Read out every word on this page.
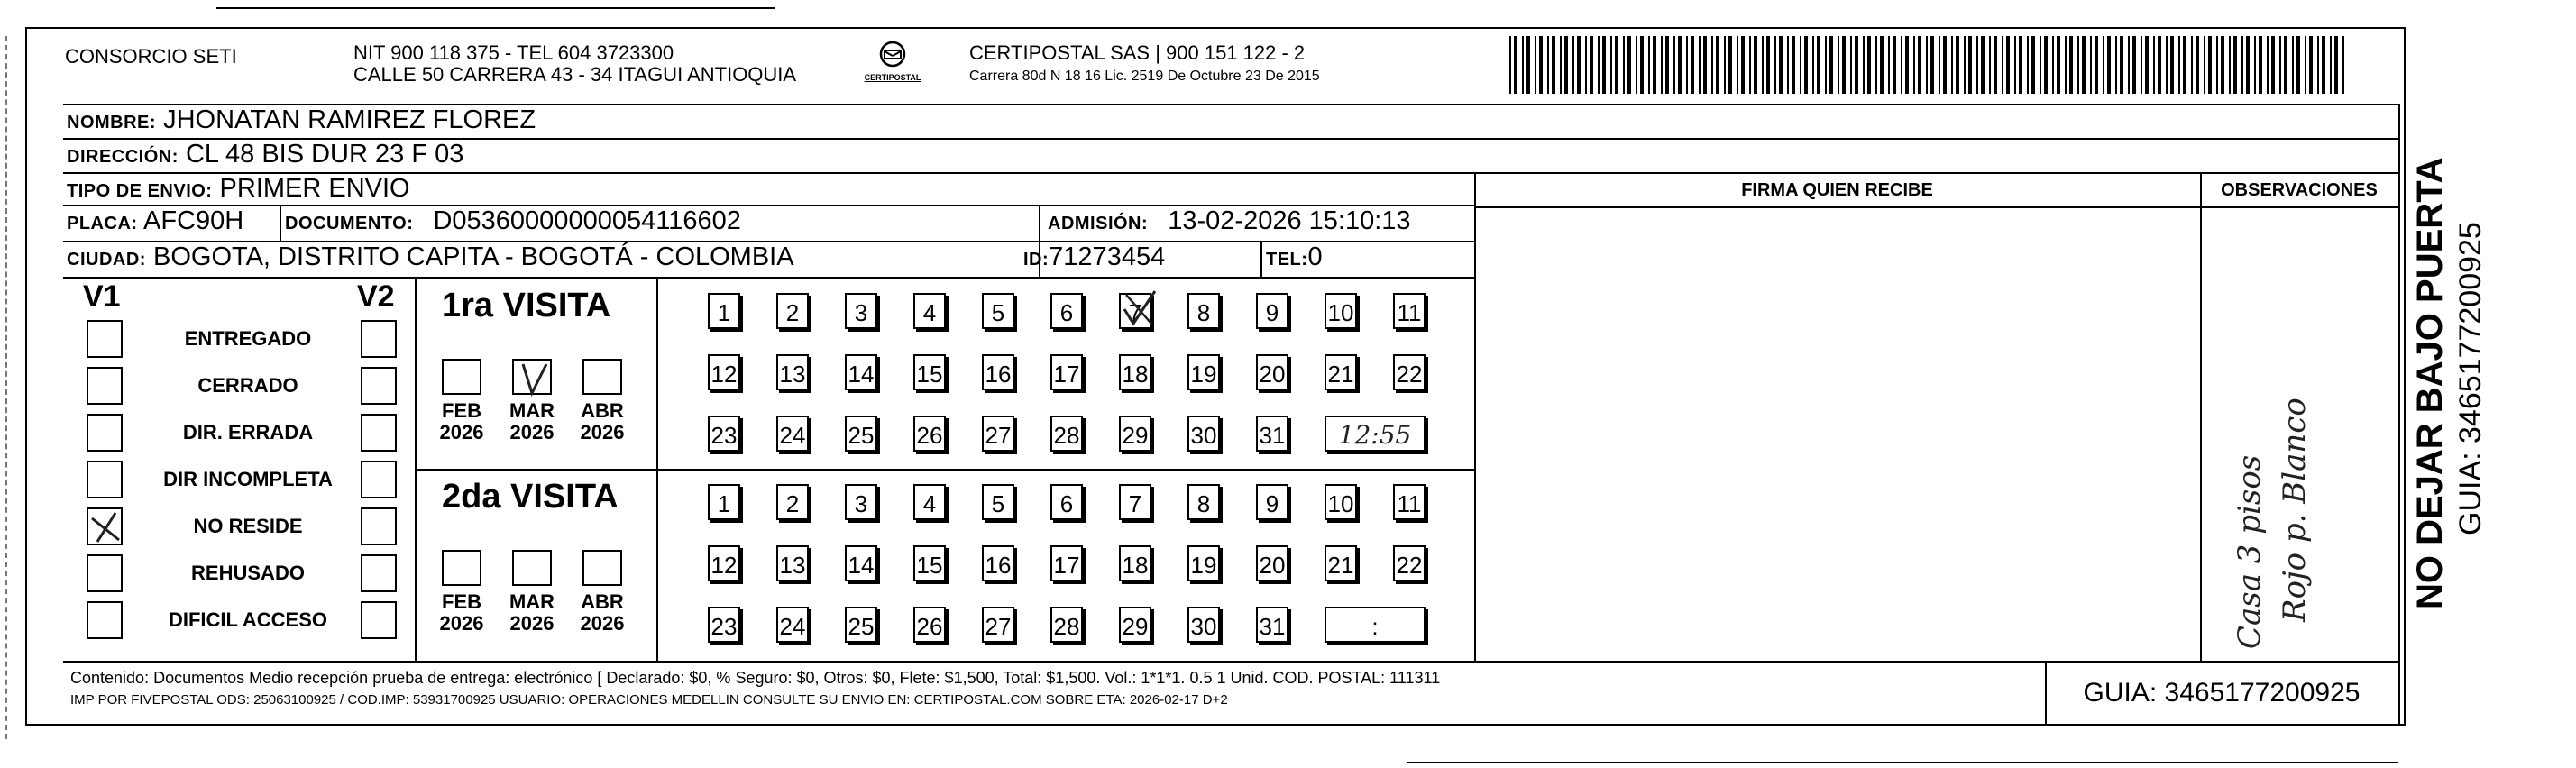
CONSORCIO SETI	NIT 900 118 375 - TEL 604 3723300
CALLE 50 CARRERA 43 - 34 ITAGUI ANTIOQUIA	CERTIPOSTAL
CERTIPOSTAL SAS | 900 151 122 - 2
Carrera 80d N 18 16 Lic. 2519 De Octubre 23 De 2015
NOMBRE: JHONATAN RAMIREZ FLOREZ
DIRECCIÓN: CL 48 BIS DUR 23 F 03
TIPO DE ENVIO: PRIMER ENVIO
PLACA: AFC90H	DOCUMENTO: D05360000000054116602	ADMISIÓN: 13-02-2026 15:10:13
CIUDAD: BOGOTA, DISTRITO CAPITA - BOGOTÁ - COLOMBIA	ID:71273454	TEL:0
FIRMA QUIEN RECIBE	OBSERVACIONES
Casa 3 pisos Rojo p. Blanco
V1	V2 1ra VISITA
2da VISITA
Contenido: Documentos Medio recepción prueba de entrega: electrónico [ Declarado: $0, % Seguro: $0, Otros: $0, Flete: $1,500, Total: $1,500. Vol.: 1*1*1. 0.5 1 Unid. COD. POSTAL: 111311
IMP POR FIVEPOSTAL ODS: 25063100925 / COD.IMP: 53931700925 USUARIO: OPERACIONES MEDELLIN CONSULTE SU ENVIO EN: CERTIPOSTAL.COM SOBRE ETA: 2026-02-17 D+2	GUIA: 3465177200925
NO DEJAR BAJO PUERTA GUIA: 3465177200925
ENTREGADO
CERRADO
DIR. ERRADA
DIR INCOMPLETA
NO RESIDE
REHUSADO
DIFICIL ACCESO
FEB
2026
MAR
2026
ABR
2026
FEB
2026
MAR
2026
ABR
2026
1	2	3	4	5	6	7	8	9	10 11
12 13 14 15 16 17 18 19 20 21 22
23 24 25 26 27 28 29 30 31	12:55
1	2	3	4	5	6	7	8	9	10 11
12 13 14 15 16 17 18 19 20 21 22
23 24 25 26 27 28 29 30 31	:
